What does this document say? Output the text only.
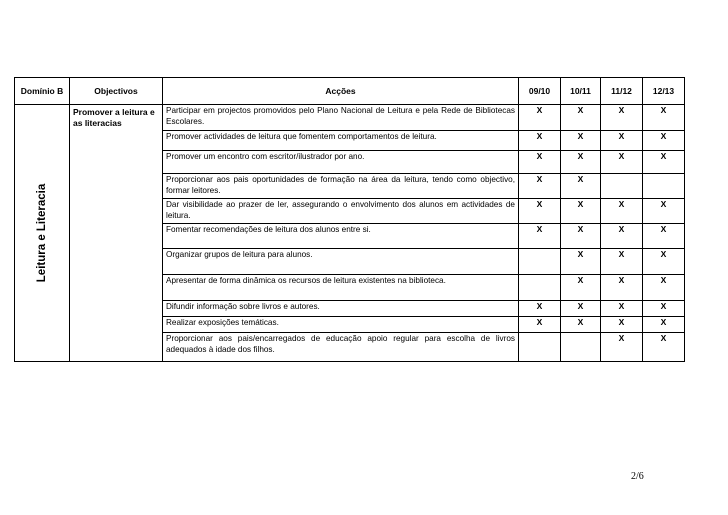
Domínio B	Objectivos	Acções	09/10	10/11	11/12	12/13

Leitura e Literacia	Promover a leitura e as literacias	Participar em projectos promovidos pelo Plano Nacional de Leitura e pela Rede de Bibliotecas Escolares.	X	X	X	X
		Promover actividades de leitura que fomentem comportamentos de leitura.	X	X	X	X
		Promover um encontro com escritor/ilustrador por ano.	X	X	X	X
		Proporcionar aos pais oportunidades de formação na área da leitura, tendo como objectivo, formar leitores.	X	X		
		Dar visibilidade ao prazer de ler, assegurando o envolvimento dos alunos em actividades de leitura.	X	X	X	X
		Fomentar recomendações de leitura dos alunos entre si.	X	X	X	X
		Organizar grupos de leitura para alunos.		X	X	X
		Apresentar de forma dinâmica os recursos de leitura existentes na biblioteca.		X	X	X
		Difundir informação sobre livros e autores.	X	X	X	X
		Realizar exposições temáticas.	X	X	X	X
		Proporcionar aos pais/encarregados de educação apoio regular para escolha de livros adequados à idade dos filhos.			X	X
2/6
